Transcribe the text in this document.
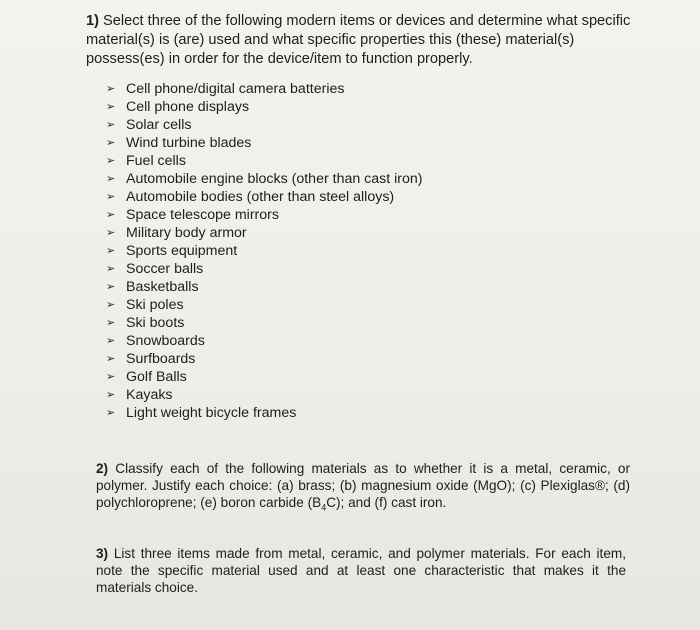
1) Select three of the following modern items or devices and determine what specific material(s) is (are) used and what specific properties this (these) material(s) possess(es) in order for the device/item to function properly.
➢ Cell phone/digital camera batteries
➢ Cell phone displays
➢ Solar cells
➢ Wind turbine blades
➢ Fuel cells
➢ Automobile engine blocks (other than cast iron)
➢ Automobile bodies (other than steel alloys)
➢ Space telescope mirrors
➢ Military body armor
➢ Sports equipment
➢ Soccer balls
➢ Basketballs
➢ Ski poles
➢ Ski boots
➢ Snowboards
➢ Surfboards
➢ Golf Balls
➢ Kayaks
➢ Light weight bicycle frames
2) Classify each of the following materials as to whether it is a metal, ceramic, or polymer. Justify each choice: (a) brass; (b) magnesium oxide (MgO); (c) Plexiglas®; (d) polychloroprene; (e) boron carbide $(B_4C)$; and (f) cast iron.
3) List three items made from metal, ceramic, and polymer materials. For each item, note the specific material used and at least one characteristic that makes it the materials choice.
